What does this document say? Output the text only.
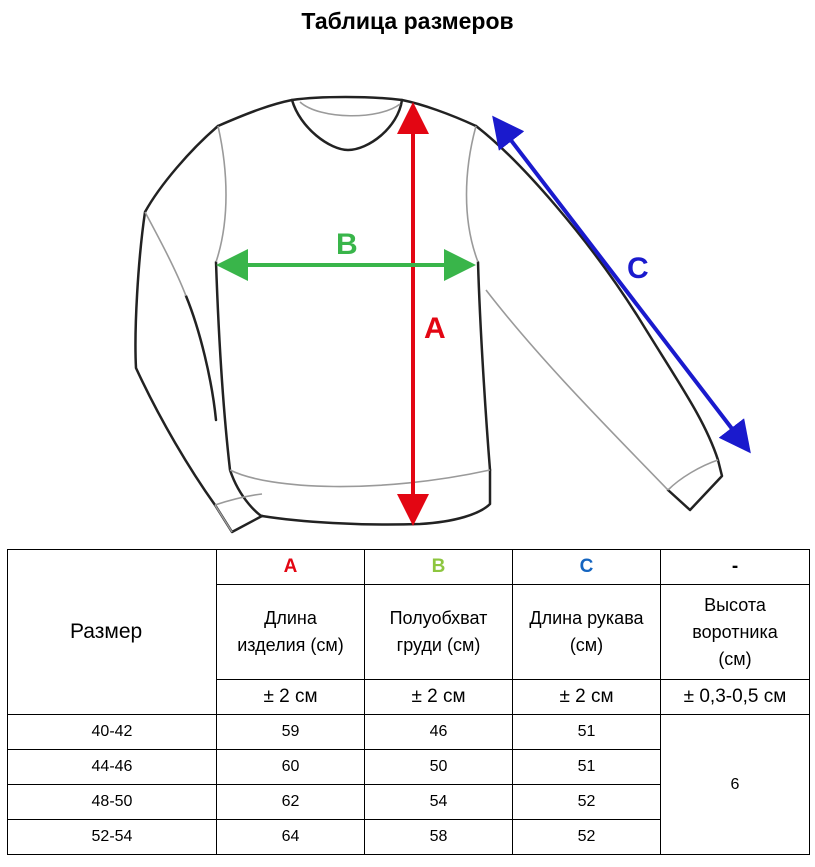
Таблица размеров
A
B
C
Размер	A	B	C	-
	Длина
изделия (см)	Полуобхват
груди (см)	Длина рукава
(см)	Высота
воротника
(см)
	± 2 см	± 2 см	± 2 см	± 0,3-0,5 см
40-42	59	46	51	6
44-46	60	50	51	
48-50	62	54	52	
52-54	64	58	52	
